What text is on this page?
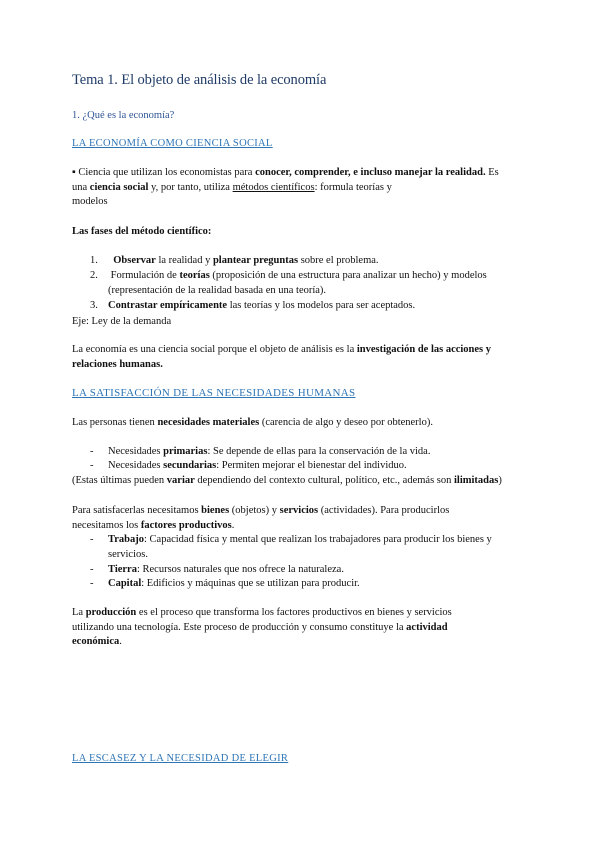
Tema 1. El objeto de análisis de la economía
1. ¿Qué es la economía?
LA ECONOMÍA COMO CIENCIA SOCIAL
▪ Ciencia que utilizan los economistas para conocer, comprender, e incluso manejar la realidad. Es
una ciencia social y, por tanto, utiliza métodos científicos: formula teorías y
modelos
Las fases del método científico:
1. Observar la realidad y plantear preguntas sobre el problema.
2. Formulación de teorías (proposición de una estructura para analizar un hecho) y modelos
(representación de la realidad basada en una teoría).
3. Contrastar empíricamente las teorías y los modelos para ser aceptados.
Eje: Ley de la demanda
La economía es una ciencia social porque el objeto de análisis es la investigación de las acciones y
relaciones humanas.
LA SATISFACCIÓN DE LAS NECESIDADES HUMANAS
Las personas tienen necesidades materiales (carencia de algo y deseo por obtenerlo).
- Necesidades primarias: Se depende de ellas para la conservación de la vida.
- Necesidades secundarias: Permiten mejorar el bienestar del individuo.
(Estas últimas pueden variar dependiendo del contexto cultural, político, etc., además son ilimitadas)
Para satisfacerlas necesitamos bienes (objetos) y servicios (actividades). Para producirlos
necesitamos los factores productivos.
- Trabajo: Capacidad física y mental que realizan los trabajadores para producir los bienes y
servicios.
- Tierra: Recursos naturales que nos ofrece la naturaleza.
- Capital: Edificios y máquinas que se utilizan para producir.
La producción es el proceso que transforma los factores productivos en bienes y servicios
utilizando una tecnología. Este proceso de producción y consumo constituye la actividad
económica.
LA ESCASEZ Y LA NECESIDAD DE ELEGIR
